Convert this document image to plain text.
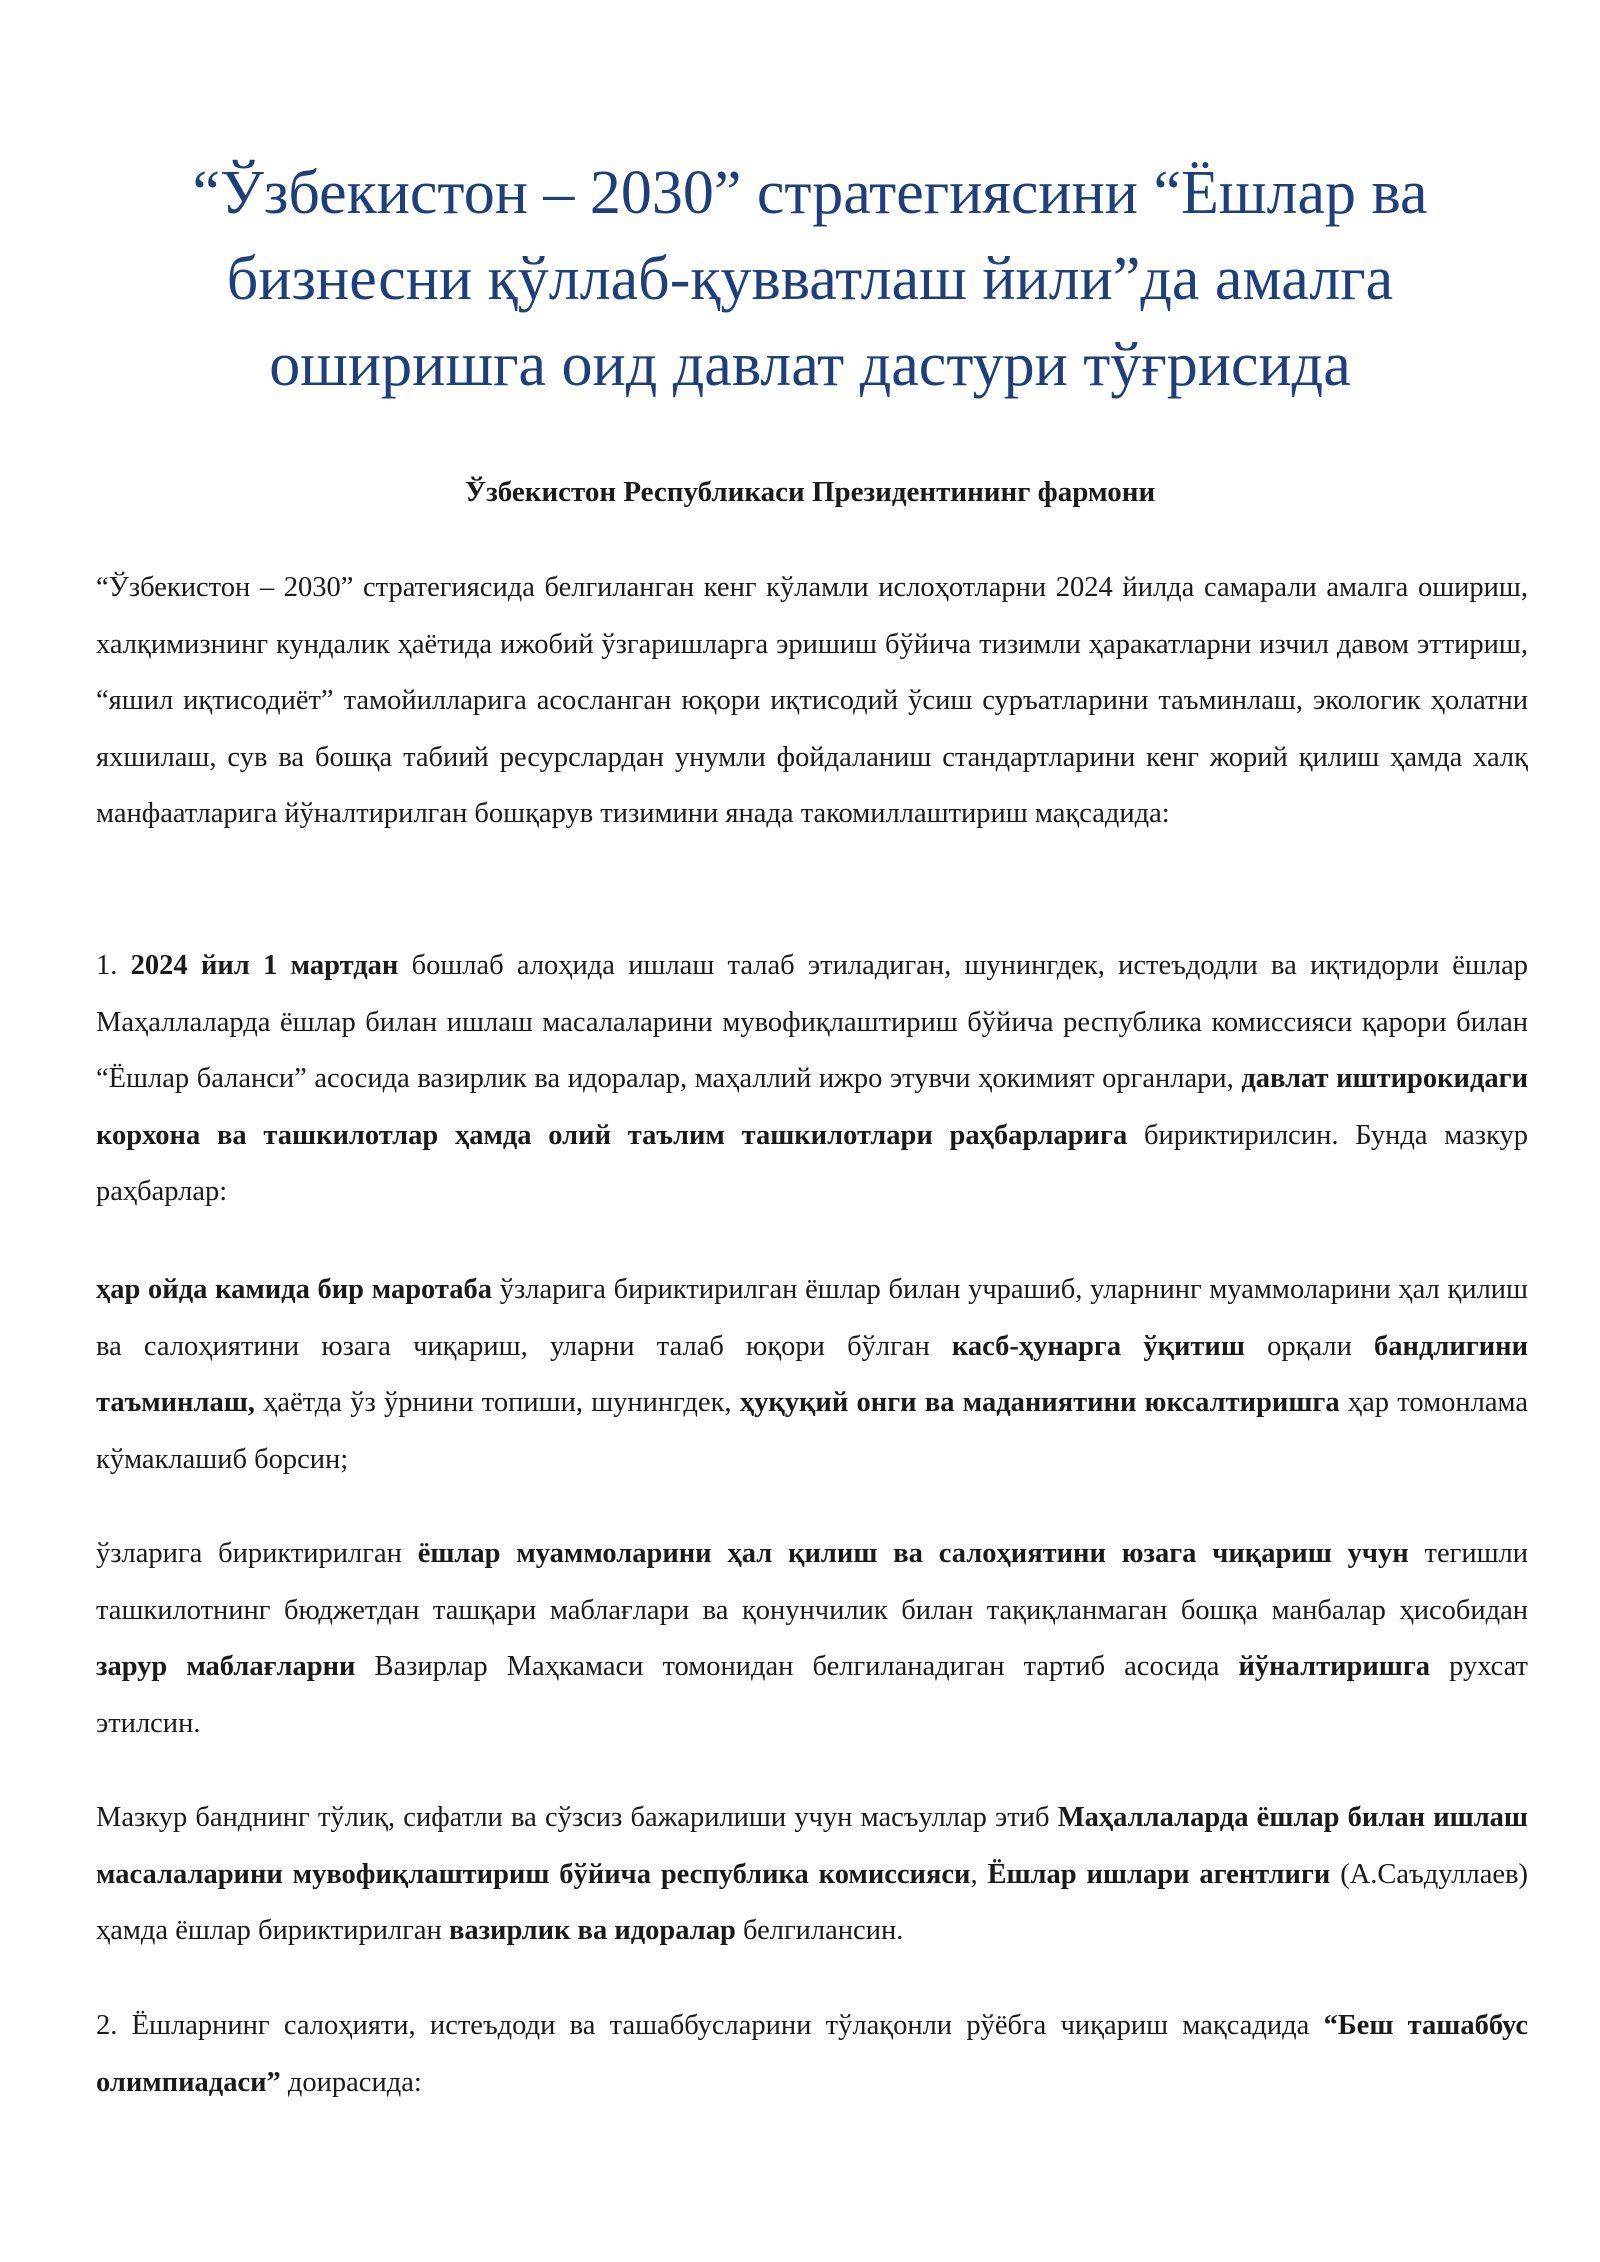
“Ўзбекистон – 2030” стратегиясини “Ёшлар ва
бизнесни қўллаб-қувватлаш йили”да амалга
оширишга оид давлат дастури тўғрисида

Ўзбекистон Республикаси Президентининг фармони

“Ўзбекистон – 2030” стратегиясида белгиланган кенг кўламли ислоҳотларни 2024 йилда самарали амалга ошириш, халқимизнинг кундалик ҳаётида ижобий ўзгаришларга эришиш бўйича тизимли ҳаракатларни изчил давом эттириш, “яшил иқтисодиёт” тамойилларига асосланган юқори иқтисодий ўсиш суръатларини таъминлаш, экологик ҳолатни яхшилаш, сув ва бошқа табиий ресурслардан унумли фойдаланиш стандартларини кенг жорий қилиш ҳамда халқ манфаатларига йўналтирилган бошқарув тизимини янада такомиллаштириш мақсадида:

1. 2024 йил 1 мартдан бошлаб алоҳида ишлаш талаб этиладиган, шунингдек, истеъдодли ва иқтидорли ёшлар Маҳаллаларда ёшлар билан ишлаш масалаларини мувофиқлаштириш бўйича республика комиссияси қарори билан “Ёшлар баланси” асосида вазирлик ва идоралар, маҳаллий ижро этувчи ҳокимият органлари, давлат иштирокидаги корхона ва ташкилотлар ҳамда олий таълим ташкилотлари раҳбарларига бириктирилсин. Бунда мазкур раҳбарлар:

ҳар ойда камида бир маротаба ўзларига бириктирилган ёшлар билан учрашиб, уларнинг муаммоларини ҳал қилиш ва салоҳиятини юзага чиқариш, уларни талаб юқори бўлган касб-ҳунарга ўқитиш орқали бандлигини таъминлаш, ҳаётда ўз ўрнини топиши, шунингдек, ҳуқуқий онги ва маданиятини юксалтиришга ҳар томонлама кўмаклашиб борсин;

ўзларига бириктирилган ёшлар муаммоларини ҳал қилиш ва салоҳиятини юзага чиқариш учун тегишли ташкилотнинг бюджетдан ташқари маблағлари ва қонунчилик билан тақиқланмаган бошқа манбалар ҳисобидан зарур маблағларни Вазирлар Маҳкамаси томонидан белгиланадиган тартиб асосида йўналтиришга рухсат этилсин.

Мазкур банднинг тўлиқ, сифатли ва сўзсиз бажарилиши учун масъуллар этиб Маҳаллаларда ёшлар билан ишлаш масалаларини мувофиқлаштириш бўйича республика комиссияси, Ёшлар ишлари агентлиги (А.Саъдуллаев) ҳамда ёшлар бириктирилган вазирлик ва идоралар белгилансин.

2. Ёшларнинг салоҳияти, истеъдоди ва ташаббусларини тўлақонли рўёбга чиқариш мақсадида “Беш ташаббус олимпиадаси” доирасида:
